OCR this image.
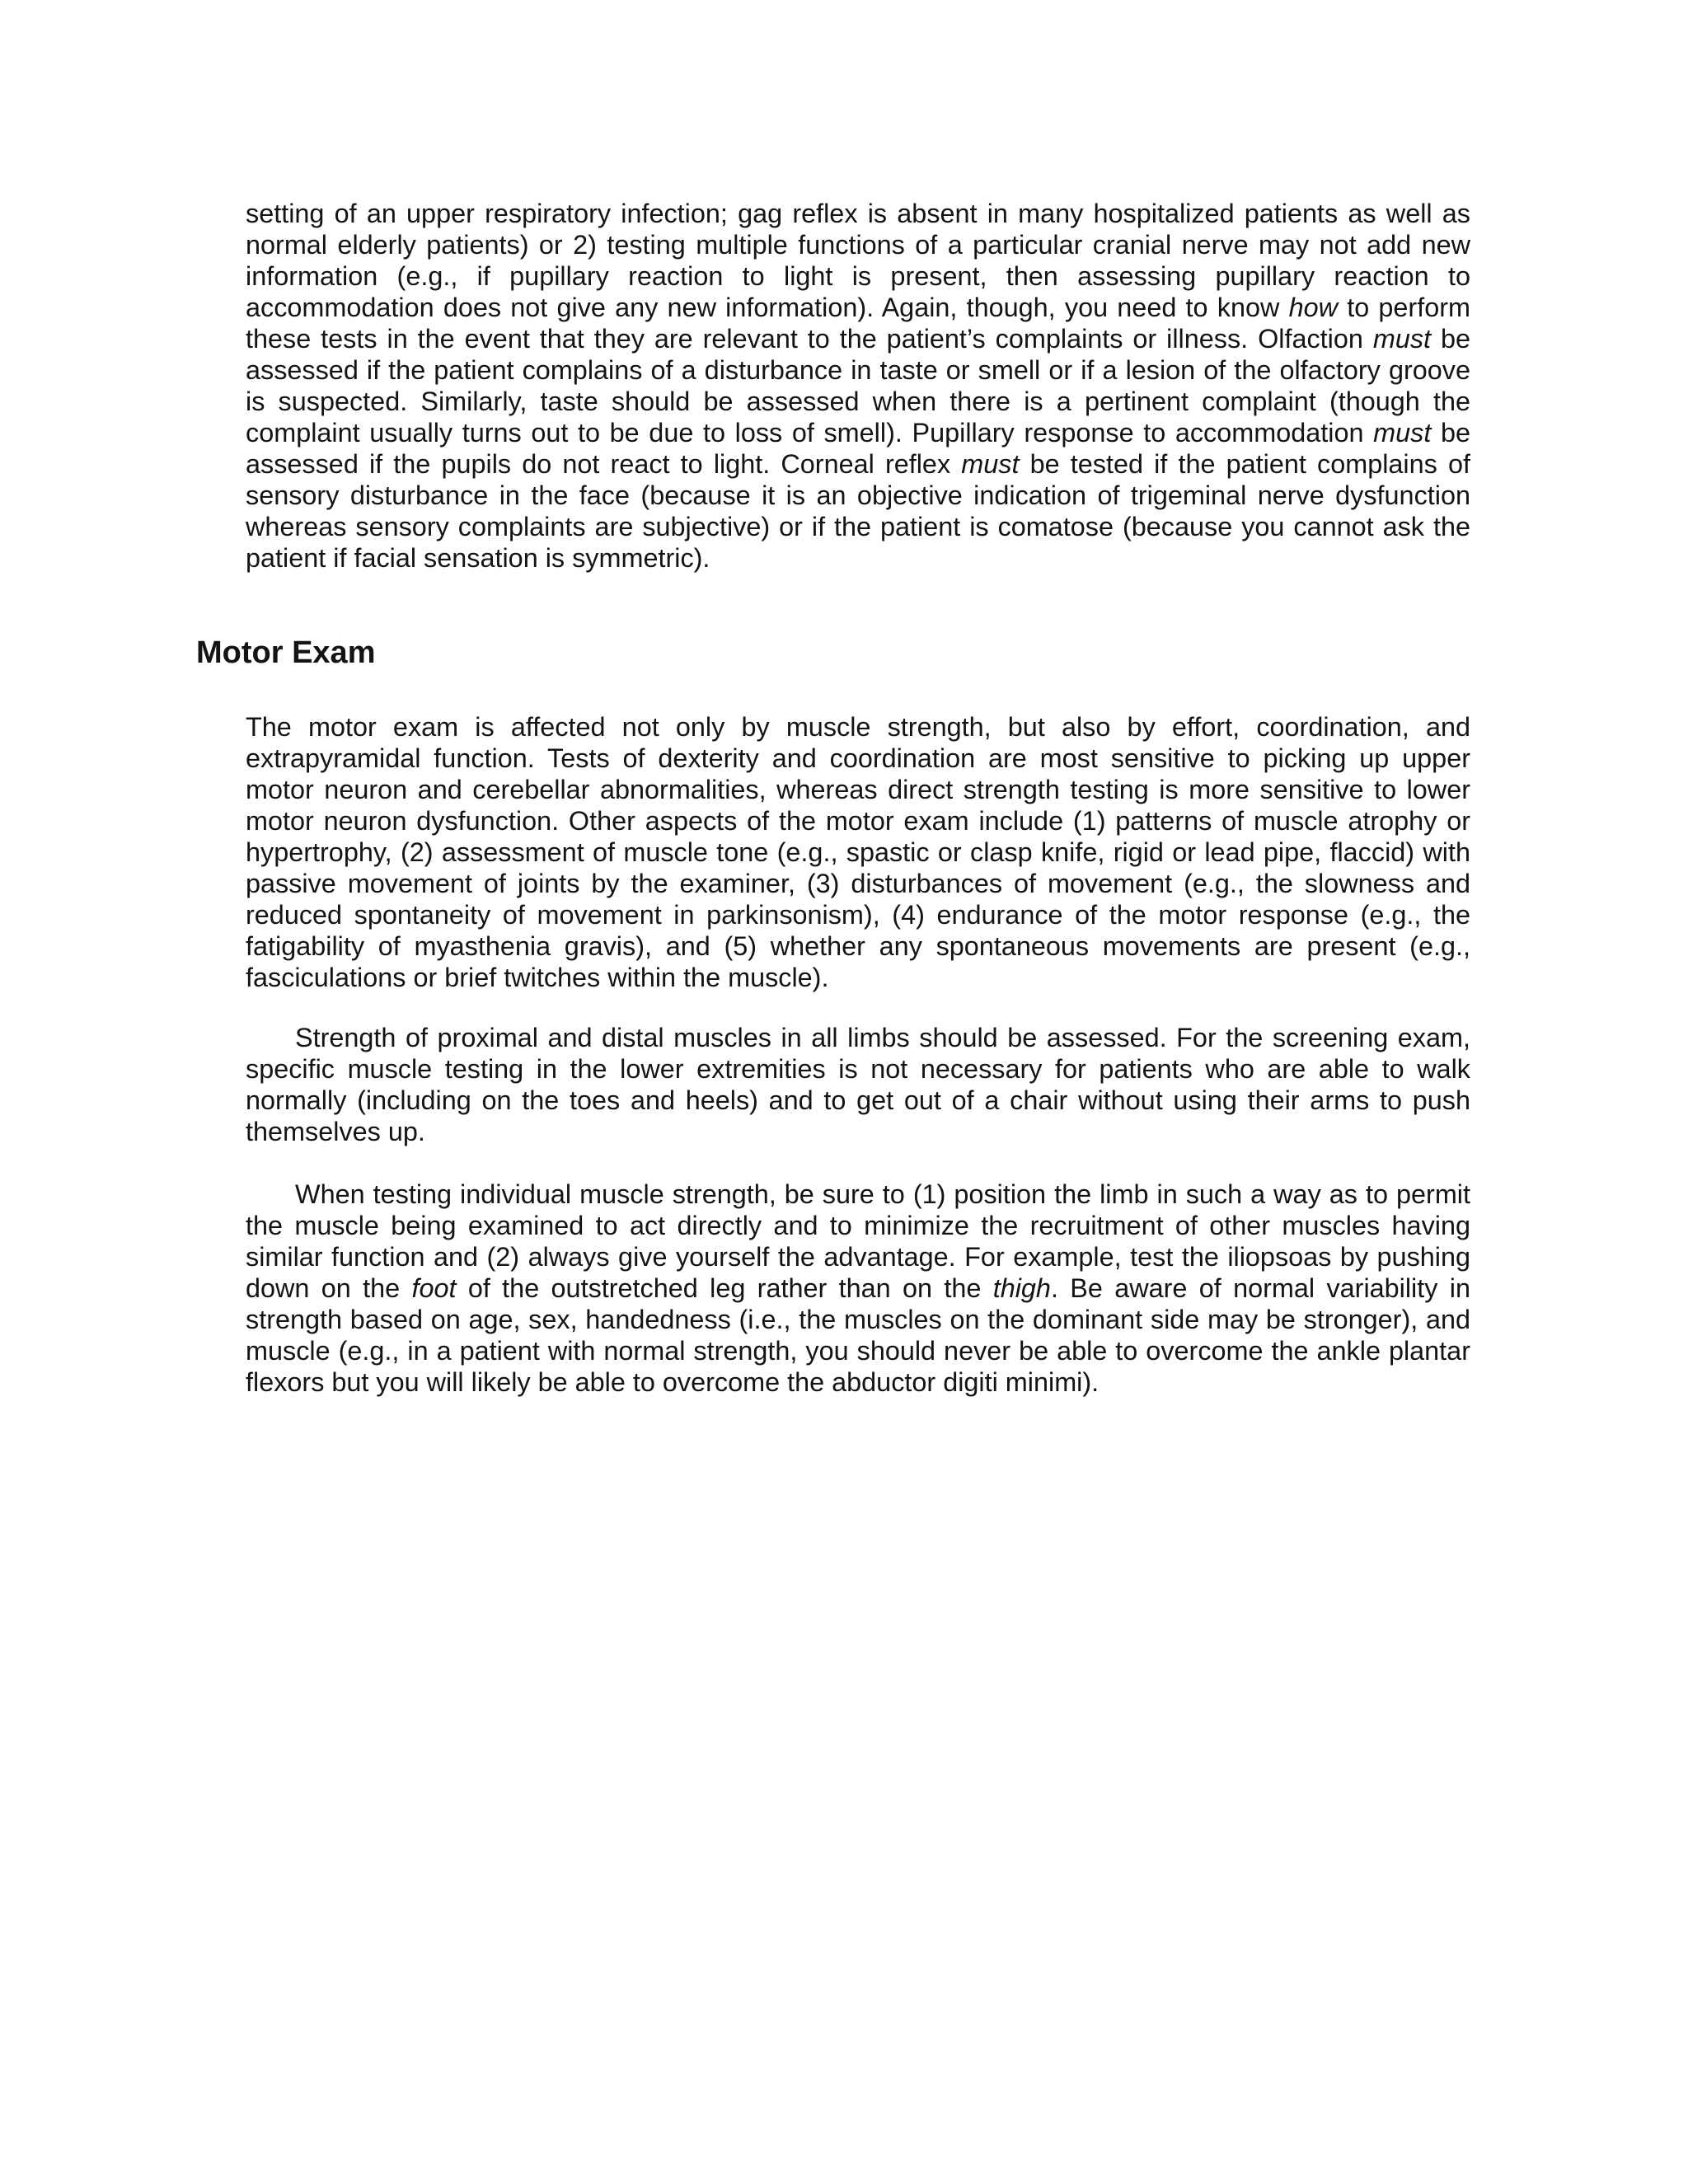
setting of an upper respiratory infection; gag reflex is absent in many hospitalized patients as well as normal elderly patients) or 2) testing multiple functions of a particular cranial nerve may not add new information (e.g., if pupillary reaction to light is present, then assessing pupillary reaction to accommodation does not give any new information). Again, though, you need to know how to perform these tests in the event that they are relevant to the patient’s complaints or illness. Olfaction must be assessed if the patient complains of a disturbance in taste or smell or if a lesion of the olfactory groove is suspected. Similarly, taste should be assessed when there is a pertinent complaint (though the complaint usually turns out to be due to loss of smell). Pupillary response to accommodation must be assessed if the pupils do not react to light. Corneal reflex must be tested if the patient complains of sensory disturbance in the face (because it is an objective indication of trigeminal nerve dysfunction whereas sensory complaints are subjective) or if the patient is comatose (because you cannot ask the patient if facial sensation is symmetric).

Motor Exam

The motor exam is affected not only by muscle strength, but also by effort, coordination, and extrapyramidal function. Tests of dexterity and coordination are most sensitive to picking up upper motor neuron and cerebellar abnormalities, whereas direct strength testing is more sensitive to lower motor neuron dysfunction. Other aspects of the motor exam include (1) patterns of muscle atrophy or hypertrophy, (2) assessment of muscle tone (e.g., spastic or clasp knife, rigid or lead pipe, flaccid) with passive movement of joints by the examiner, (3) disturbances of movement (e.g., the slowness and reduced spontaneity of movement in parkinsonism), (4) endurance of the motor response (e.g., the fatigability of myasthenia gravis), and (5) whether any spontaneous movements are present (e.g., fasciculations or brief twitches within the muscle).

Strength of proximal and distal muscles in all limbs should be assessed. For the screening exam, specific muscle testing in the lower extremities is not necessary for patients who are able to walk normally (including on the toes and heels) and to get out of a chair without using their arms to push themselves up.

When testing individual muscle strength, be sure to (1) position the limb in such a way as to permit the muscle being examined to act directly and to minimize the recruitment of other muscles having similar function and (2) always give yourself the advantage. For example, test the iliopsoas by pushing down on the foot of the outstretched leg rather than on the thigh. Be aware of normal variability in strength based on age, sex, handedness (i.e., the muscles on the dominant side may be stronger), and muscle (e.g., in a patient with normal strength, you should never be able to overcome the ankle plantar flexors but you will likely be able to overcome the abductor digiti minimi).
